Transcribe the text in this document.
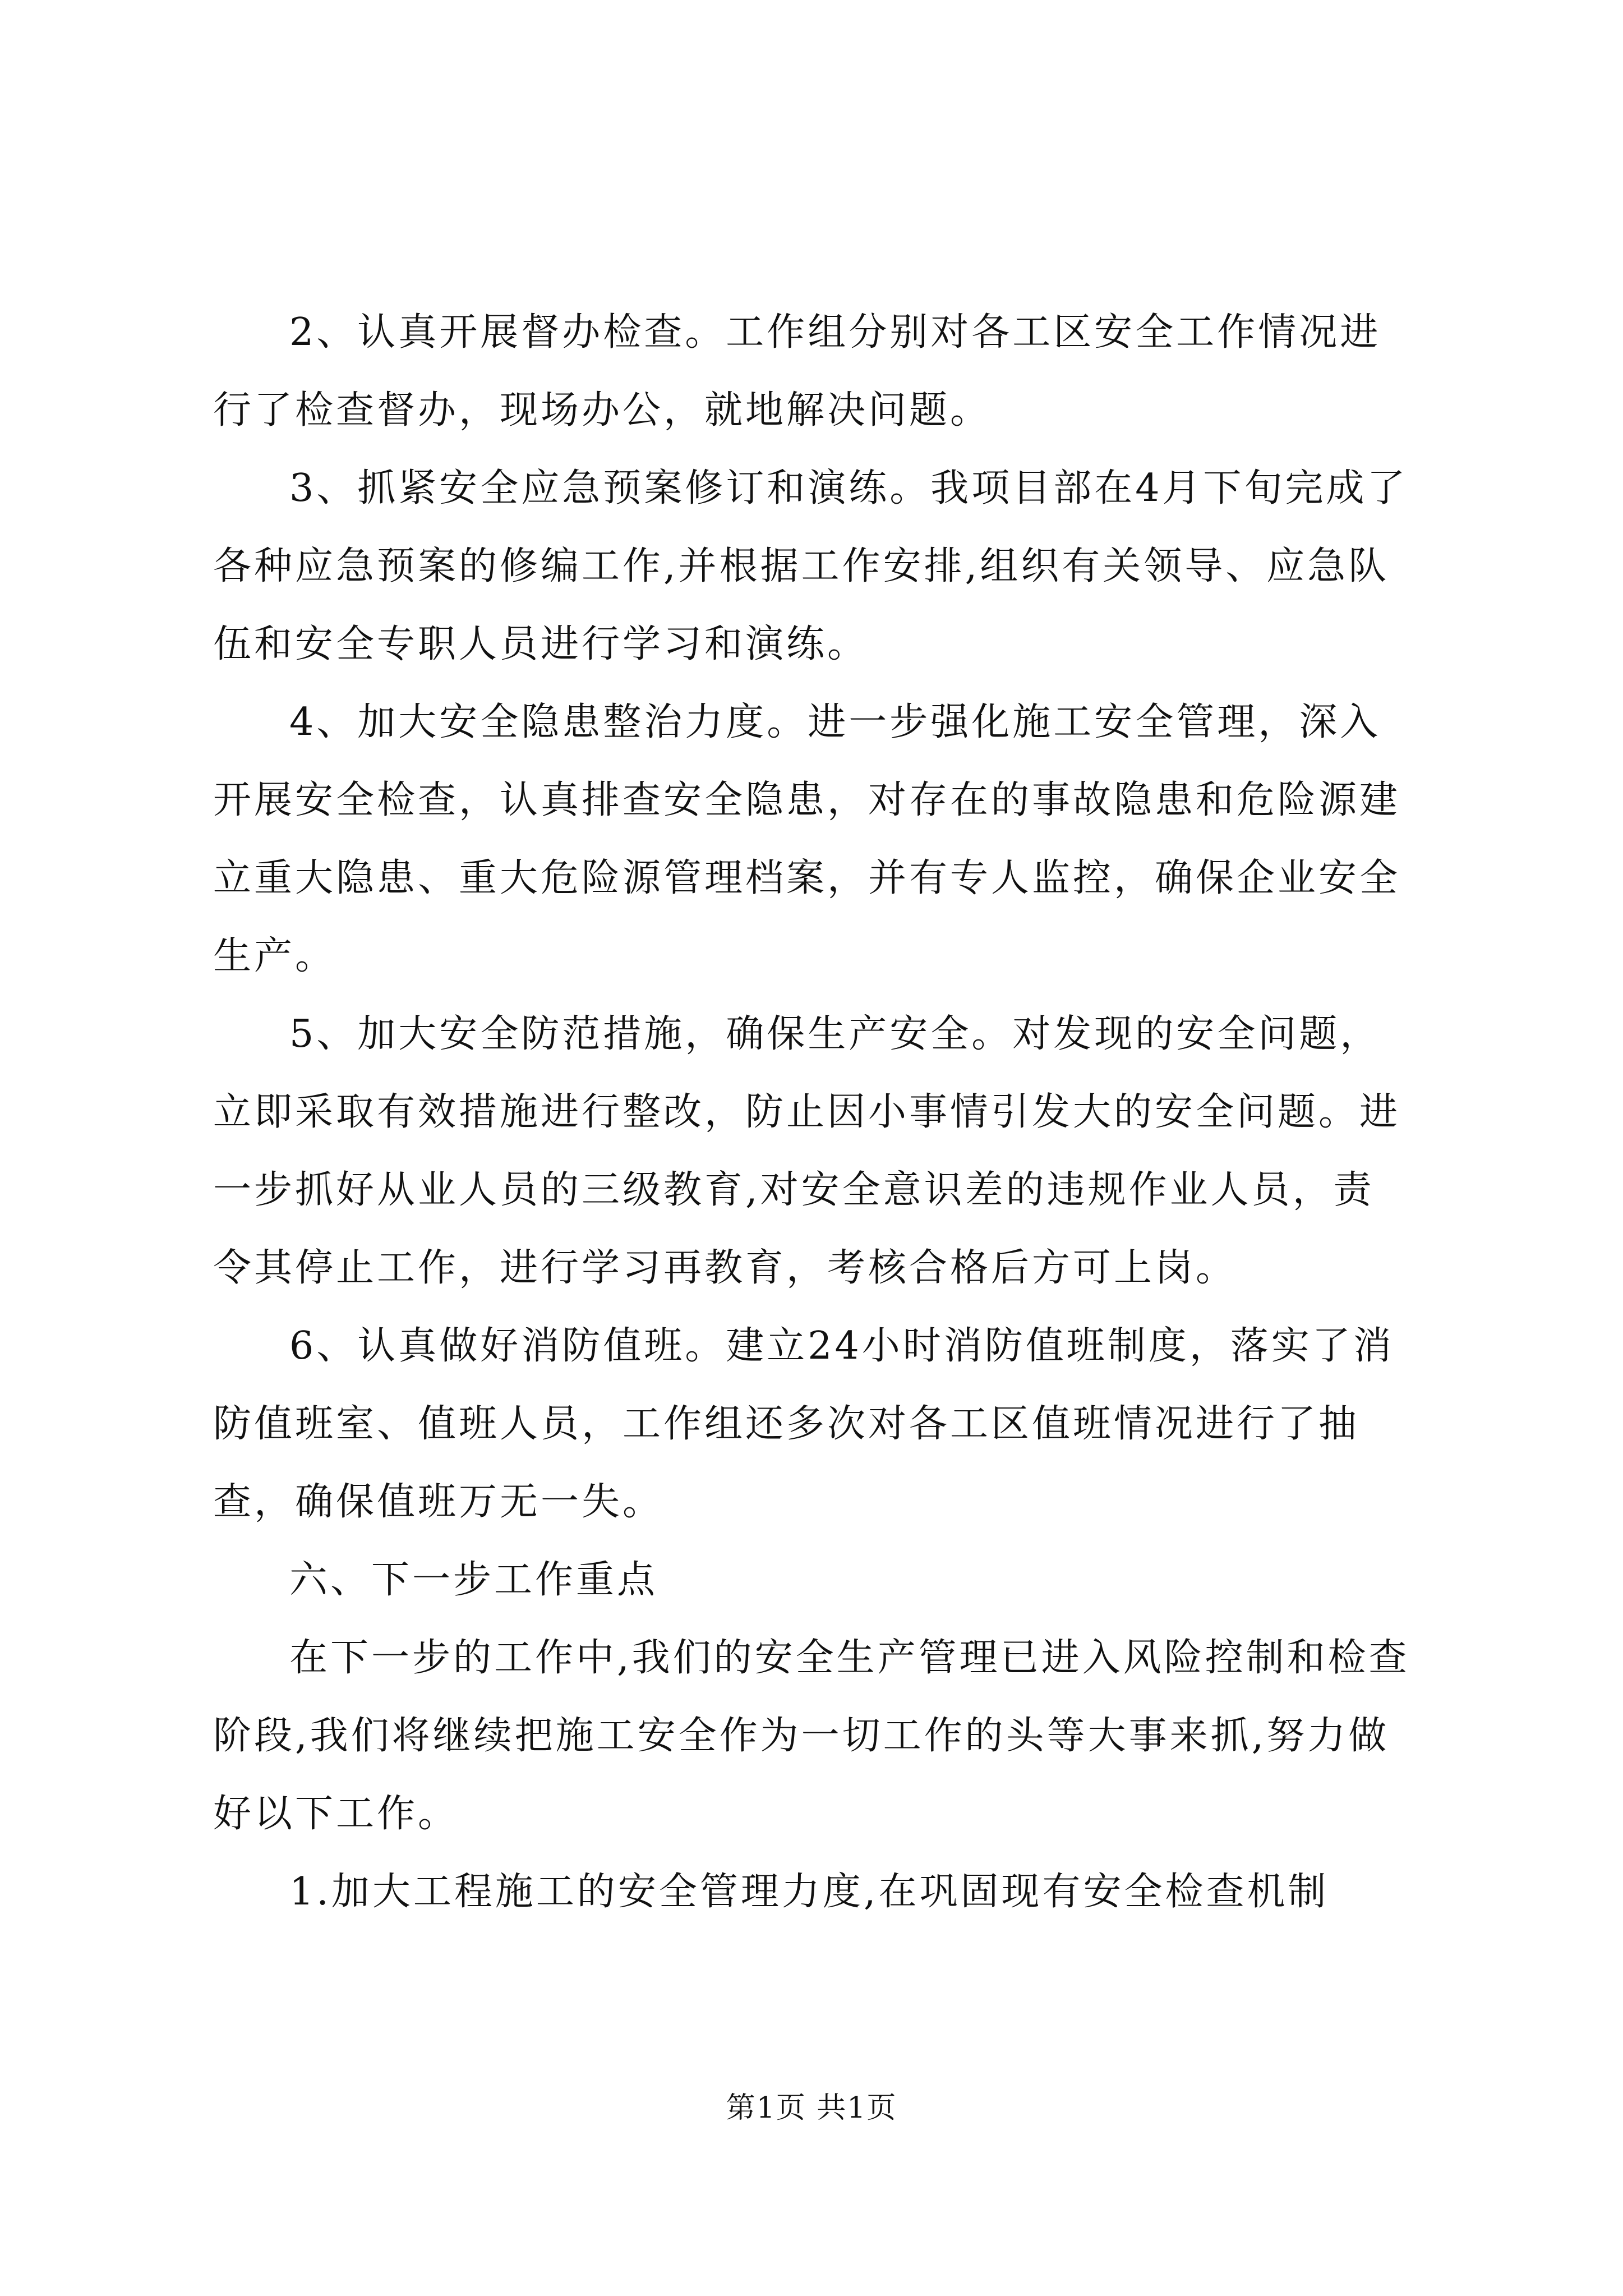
2、认真开展督办检查。工作组分别对各工区安全工作情况进行了检查督办，现场办公，就地解决问题。

3、抓紧安全应急预案修订和演练。我项目部在4月下旬完成了各种应急预案的修编工作,并根据工作安排,组织有关领导、应急队伍和安全专职人员进行学习和演练。

4、加大安全隐患整治力度。进一步强化施工安全管理，深入开展安全检查，认真排查安全隐患，对存在的事故隐患和危险源建立重大隐患、重大危险源管理档案，并有专人监控，确保企业安全生产。

5、加大安全防范措施，确保生产安全。对发现的安全问题，立即采取有效措施进行整改，防止因小事情引发大的安全问题。进一步抓好从业人员的三级教育,对安全意识差的违规作业人员，责令其停止工作，进行学习再教育，考核合格后方可上岗。

6、认真做好消防值班。建立24小时消防值班制度，落实了消防值班室、值班人员，工作组还多次对各工区值班情况进行了抽查，确保值班万无一失。

六、下一步工作重点

在下一步的工作中,我们的安全生产管理已进入风险控制和检查阶段,我们将继续把施工安全作为一切工作的头等大事来抓,努力做好以下工作。

1.加大工程施工的安全管理力度,在巩固现有安全检查机制

第1页 共1页
